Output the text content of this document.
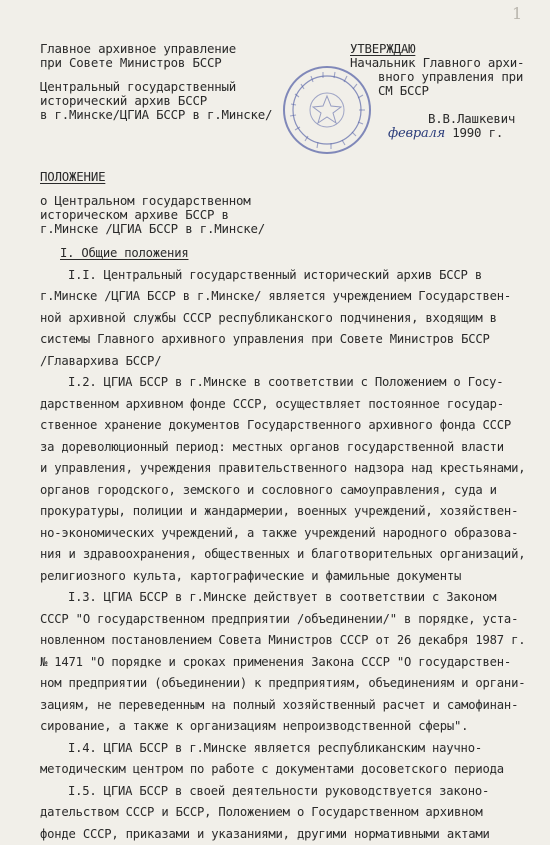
1
Главное архивное управление
при Совете Министров БССР
Центральный государственный
исторический архив БССР
в г.Минске/ЦГИА БССР в г.Минске/
УТВЕРЖДАЮ
Начальник Главного архи-
вного управления при
СМ БССР
В.В.Лашкевич
февраля 1990 г.
ПОЛОЖЕНИЕ
о Центральном государственном
историческом архиве БССР в
г.Минске /ЦГИА БССР в г.Минске/
I. Общие положения
I.I. Центральный государственный исторический архив БССР в
г.Минске /ЦГИА БССР в г.Минске/ является учреждением Государствен-
ной архивной службы СССР республиканского подчинения, входящим в
системы Главного архивного управления при Совете Министров БССР
/Главархива БССР/
I.2. ЦГИА БССР в г.Минске в соответствии с Положением о Госу-
дарственном архивном фонде СССР, осуществляет постоянное государ-
ственное хранение документов Государственного архивного фонда СССР
за дореволюционный период: местных органов государственной власти
и управления, учреждения правительственного надзора над крестьянами,
органов городского, земского и сословного самоуправления, суда и
прокуратуры, полиции и жандармерии, военных учреждений, хозяйствен-
но-экономических учреждений, а также учреждений народного образова-
ния и здравоохранения, общественных и благотворительных организаций,
религиозного культа, картографические и фамильные документы
I.3. ЦГИА БССР в г.Минске действует в соответствии с Законом
СССР "О государственном предприятии /объединении/" в порядке, уста-
новленном постановлением Совета Министров СССР от 26 декабря 1987 г.
№ 1471 "О порядке и сроках применения Закона СССР "О государствен-
ном предприятии (объединении) к предприятиям, объединениям и органи-
зациям, не переведенным на полный хозяйственный расчет и самофинан-
сирование, а также к организациям непроизводственной сферы".
I.4. ЦГИА БССР в г.Минске является республиканским научно-
методическим центром по работе с документами досоветского периода
I.5. ЦГИА БССР в своей деятельности руководствуется законо-
дательством СССР и БССР, Положением о Государственном архивном
фонде СССР, приказами и указаниями, другими нормативными актами
